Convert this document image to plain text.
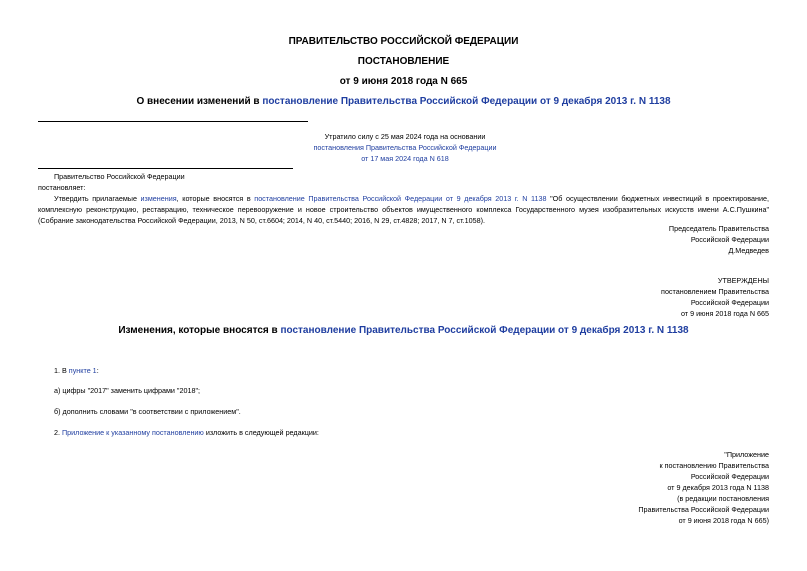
ПРАВИТЕЛЬСТВО РОССИЙСКОЙ ФЕДЕРАЦИИ
ПОСТАНОВЛЕНИЕ
от 9 июня 2018 года N 665
О внесении изменений в постановление Правительства Российской Федерации от 9 декабря 2013 г. N 1138
Утратило силу с 25 мая 2024 года на основании
постановления Правительства Российской Федерации
от 17 мая 2024 года N 618
Правительство Российской Федерации
постановляет:
Утвердить прилагаемые изменения, которые вносятся в постановление Правительства Российской Федерации от 9 декабря 2013 г. N 1138 "Об осуществлении бюджетных инвестиций в проектирование, комплексную реконструкцию, реставрацию, техническое перевооружение и новое строительство объектов имущественного комплекса Государственного музея изобразительных искусств имени А.С.Пушкина" (Собрание законодательства Российской Федерации, 2013, N 50, ст.6604; 2014, N 40, ст.5440; 2016, N 29, ст.4828; 2017, N 7, ст.1058).
Председатель Правительства
Российской Федерации
Д.Медведев
УТВЕРЖДЕНЫ
постановлением Правительства
Российской Федерации
от 9 июня 2018 года N 665
Изменения, которые вносятся в постановление Правительства Российской Федерации от 9 декабря 2013 г. N 1138
1. В пункте 1:
а) цифры "2017" заменить цифрами "2018";
б) дополнить словами "в соответствии с приложением".
2. Приложение к указанному постановлению изложить в следующей редакции:
"Приложение
к постановлению Правительства
Российской Федерации
от 9 декабря 2013 года N 1138
(в редакции постановления
Правительства Российской Федерации
от 9 июня 2018 года N 665)
